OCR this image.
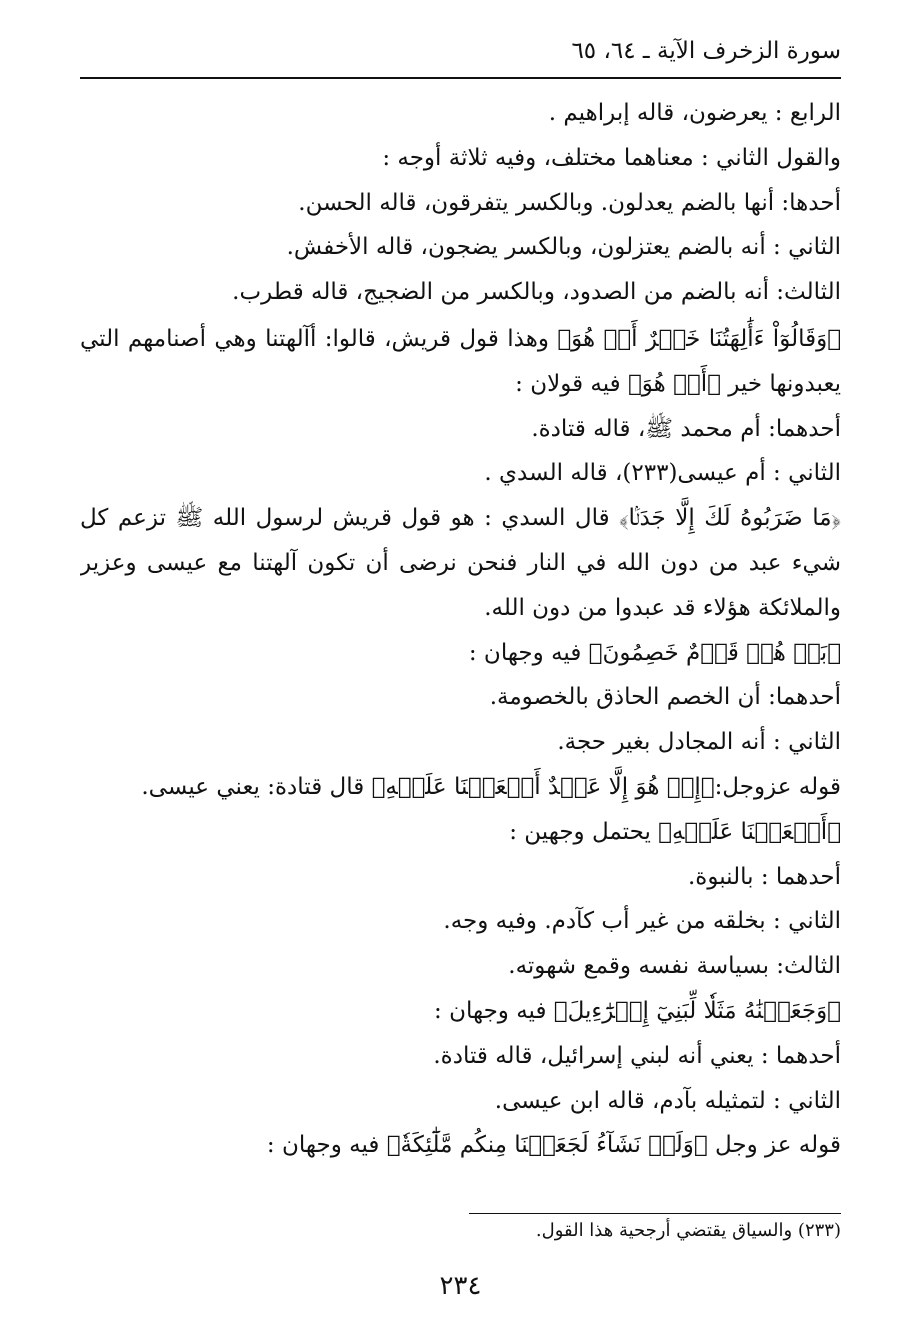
سورة الزخرف الآية ـ ٦٤، ٦٥
الرابع : يعرضون، قاله إبراهيم .
والقول الثاني : معناهما مختلف، وفيه ثلاثة أوجه :
أحدها: أنها بالضم يعدلون. وبالكسر يتفرقون، قاله الحسن.
الثاني : أنه بالضم يعتزلون، وبالكسر يضجون، قاله الأخفش.
الثالث: أنه بالضم من الصدود، وبالكسر من الضجيج، قاله قطرب.
﴿وَقَالُوٓاْ ءَأَٰلِهَتُنَا خَيۡرٌ أَمۡ هُوَ﴾ وهذا قول قريش، قالوا: أآلهتنا وهي أصنامهم التي يعبدونها خير ﴿أَمۡ هُوَ﴾ فيه قولان :
أحدهما: أم محمد ﷺ، قاله قتادة.
الثاني : أم عيسى(٢٣٣)، قاله السدي .
﴿مَا ضَرَبُوهُ لَكَ إِلَّا جَدَلَۢا﴾ قال السدي : هو قول قريش لرسول الله ﷺ تزعم كل شيء عبد من دون الله في النار فنحن نرضى أن تكون آلهتنا مع عيسى وعزير والملائكة هؤلاء قد عبدوا من دون الله.
﴿بَلۡ هُمۡ قَوۡمٌ خَصِمُونَ﴾ فيه وجهان :
أحدهما: أن الخصم الحاذق بالخصومة.
الثاني : أنه المجادل بغير حجة.
قوله عزوجل:﴿إِنۡ هُوَ إِلَّا عَبۡدٌ أَنۡعَمۡنَا عَلَيۡهِ﴾ قال قتادة: يعني عيسى.
﴿أَنۡعَمۡنَا عَلَيۡهِ﴾ يحتمل وجهين :
أحدهما : بالنبوة.
الثاني : بخلقه من غير أب كآدم. وفيه وجه.
الثالث: بسياسة نفسه وقمع شهوته.
﴿وَجَعَلۡنَٰهُ مَثَلٗا لِّبَنِيٓ إِسۡرَٰٓءِيلَ﴾ فيه وجهان :
أحدهما : يعني أنه لبني إسرائيل، قاله قتادة.
الثاني : لتمثيله بآدم، قاله ابن عيسى.
قوله عز وجل ﴿وَلَوۡ نَشَآءُ لَجَعَلۡنَا مِنكُم مَّلَٰٓئِكَةٗ﴾ فيه وجهان :
(٢٣٣) والسياق يقتضي أرجحية هذا القول.
٢٣٤
